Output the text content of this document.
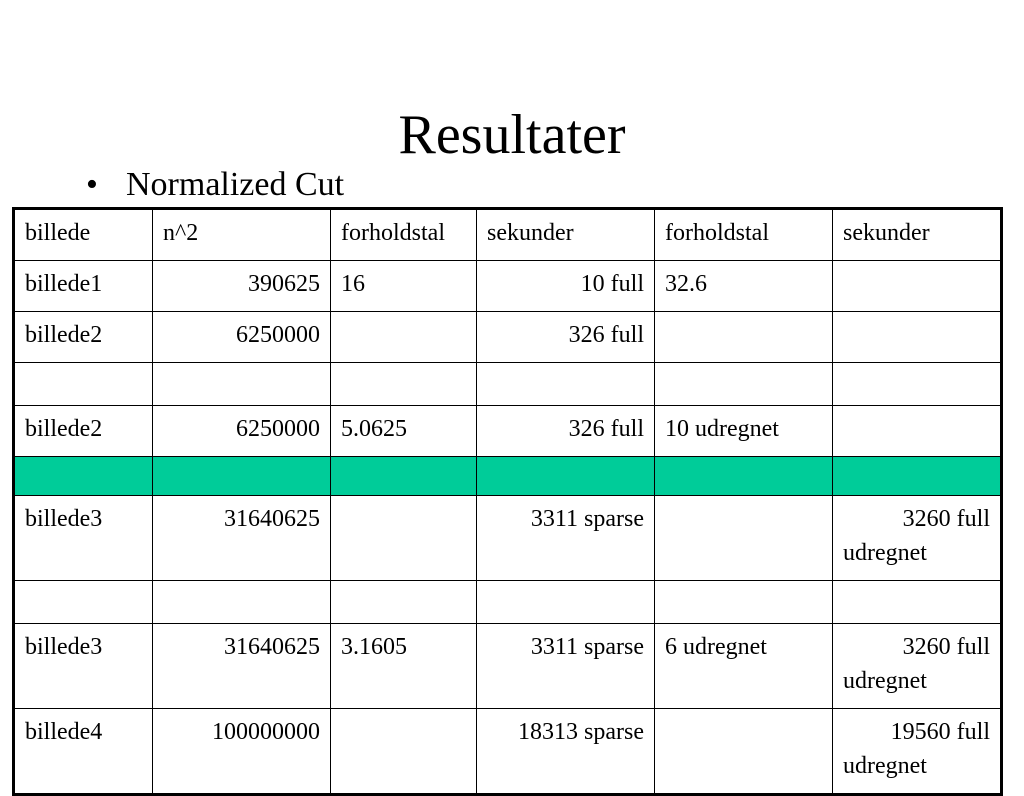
Resultater
• Normalized Cut
billede	n^2	forholdstal	sekunder	forholdstal	sekunder
billede1	390625	16	10 full	32.6	
billede2	6250000		326 full		

billede2	6250000	5.0625	326 full	10 udregnet	

billede3	31640625		3311 sparse		3260 full
udregnet

billede3	31640625	3.1605	3311 sparse	6 udregnet	3260 full
udregnet

billede4	100000000		18313 sparse		19560 full
udregnet
